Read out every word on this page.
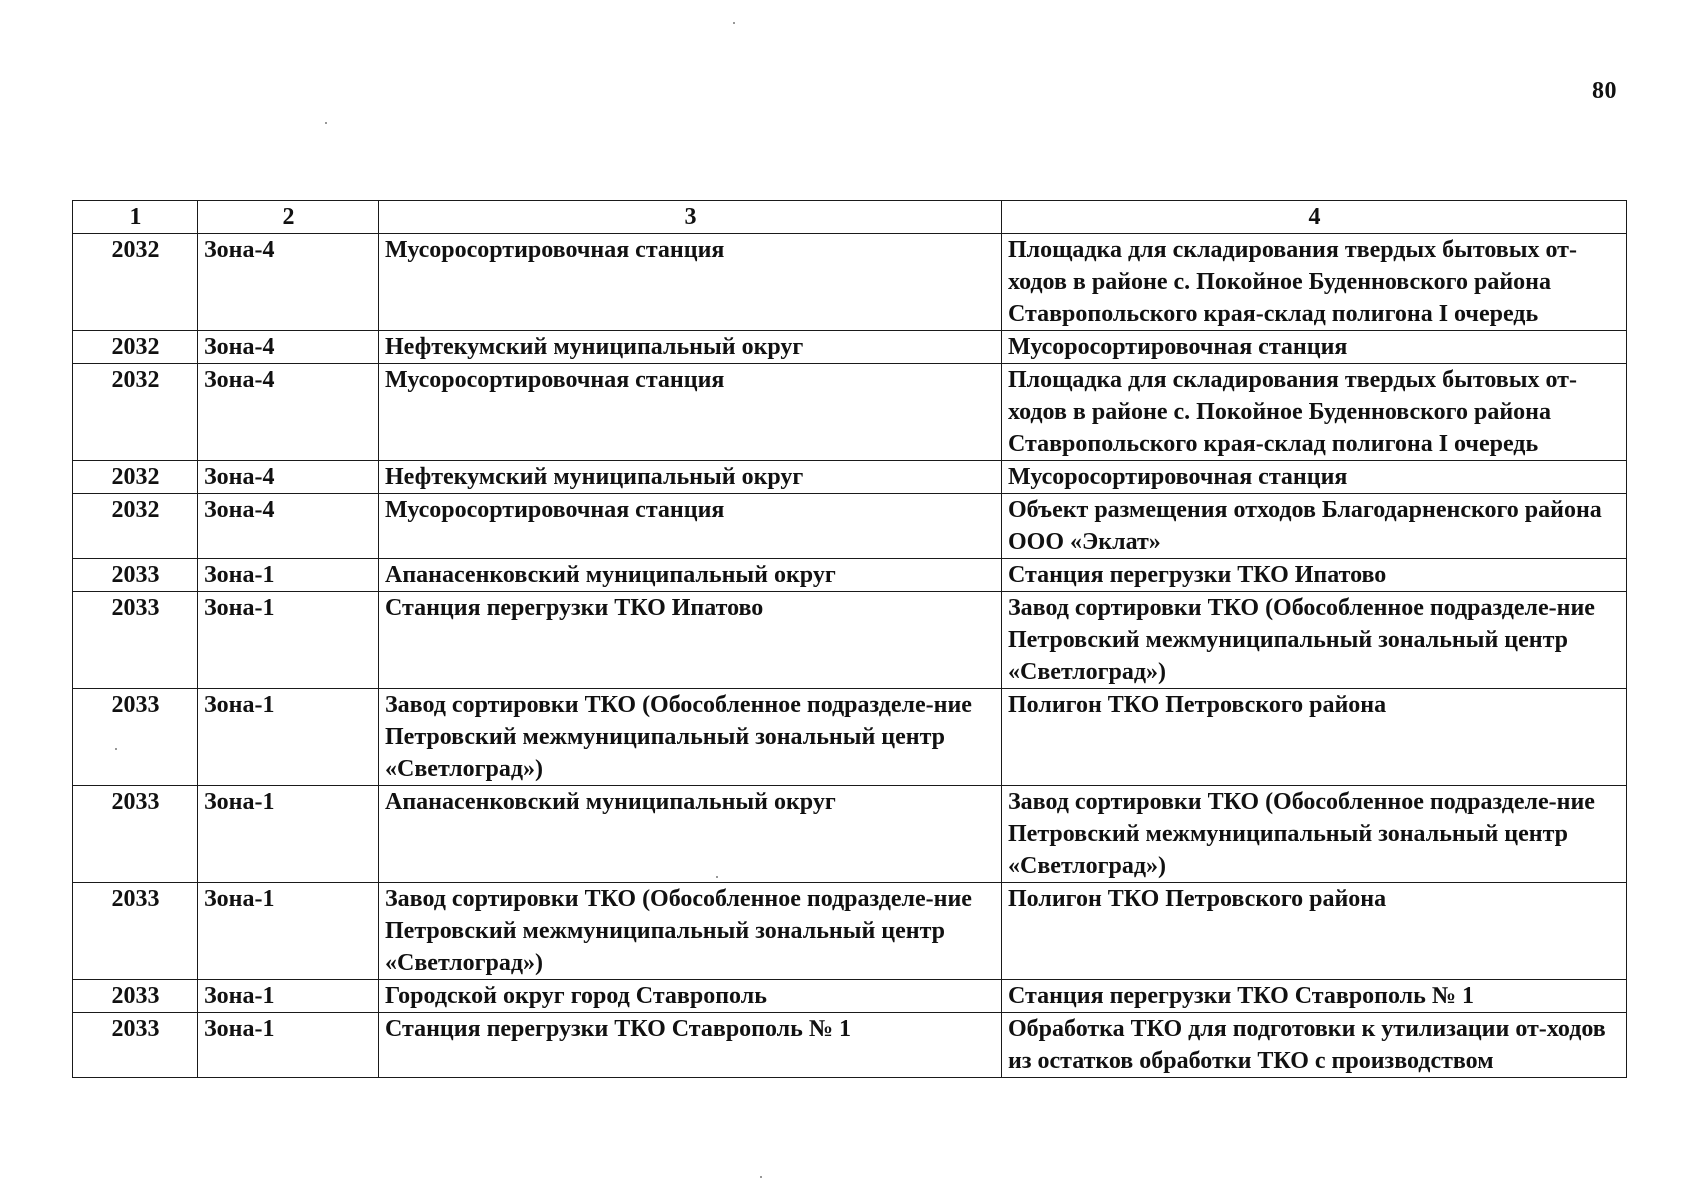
80
1	2	3	4
2032	Зона-4	Мусоросортировочная станция	Площадка для складирования твердых бытовых от-ходов в районе с. Покойное Буденновского района Ставропольского края-склад полигона I очередь
2032	Зона-4	Нефтекумский муниципальный округ	Мусоросортировочная станция
2032	Зона-4	Мусоросортировочная станция	Площадка для складирования твердых бытовых от-ходов в районе с. Покойное Буденновского района Ставропольского края-склад полигона I очередь
2032	Зона-4	Нефтекумский муниципальный округ	Мусоросортировочная станция
2032	Зона-4	Мусоросортировочная станция	Объект размещения отходов Благодарненского района ООО «Эклат»
2033	Зона-1	Апанасенковский муниципальный округ	Станция перегрузки ТКО Ипатово
2033	Зона-1	Станция перегрузки ТКО Ипатово	Завод сортировки ТКО (Обособленное подразделе-ние Петровский межмуниципальный зональный центр «Светлоград»)
2033	Зона-1	Завод сортировки ТКО (Обособленное подразделе-ние Петровский межмуниципальный зональный центр «Светлоград»)	Полигон ТКО Петровского района
2033	Зона-1	Апанасенковский муниципальный округ	Завод сортировки ТКО (Обособленное подразделе-ние Петровский межмуниципальный зональный центр «Светлоград»)
2033	Зона-1	Завод сортировки ТКО (Обособленное подразделе-ние Петровский межмуниципальный зональный центр «Светлоград»)	Полигон ТКО Петровского района
2033	Зона-1	Городской округ город Ставрополь	Станция перегрузки ТКО Ставрополь № 1
2033	Зона-1	Станция перегрузки ТКО Ставрополь № 1	Обработка ТКО для подготовки к утилизации от-ходов из остатков обработки ТКО с производством
